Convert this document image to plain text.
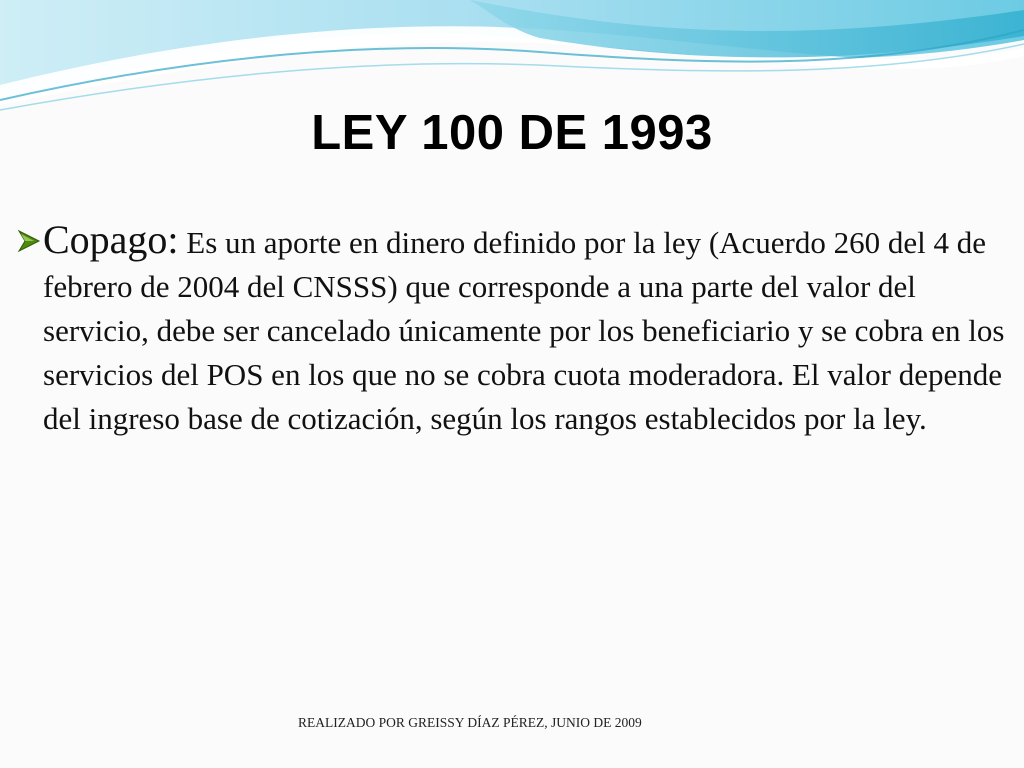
LEY 100 DE 1993
Copago: Es un aporte en dinero definido por la ley (Acuerdo 260 del 4 de febrero de 2004 del CNSSS) que corresponde a una parte del valor del servicio, debe ser cancelado únicamente por los beneficiario y se cobra en los servicios del POS en los que no se cobra cuota moderadora. El valor depende del ingreso base de cotización, según los rangos establecidos por la ley.
REALIZADO POR GREISSY DÍAZ PÉREZ, JUNIO DE 2009
